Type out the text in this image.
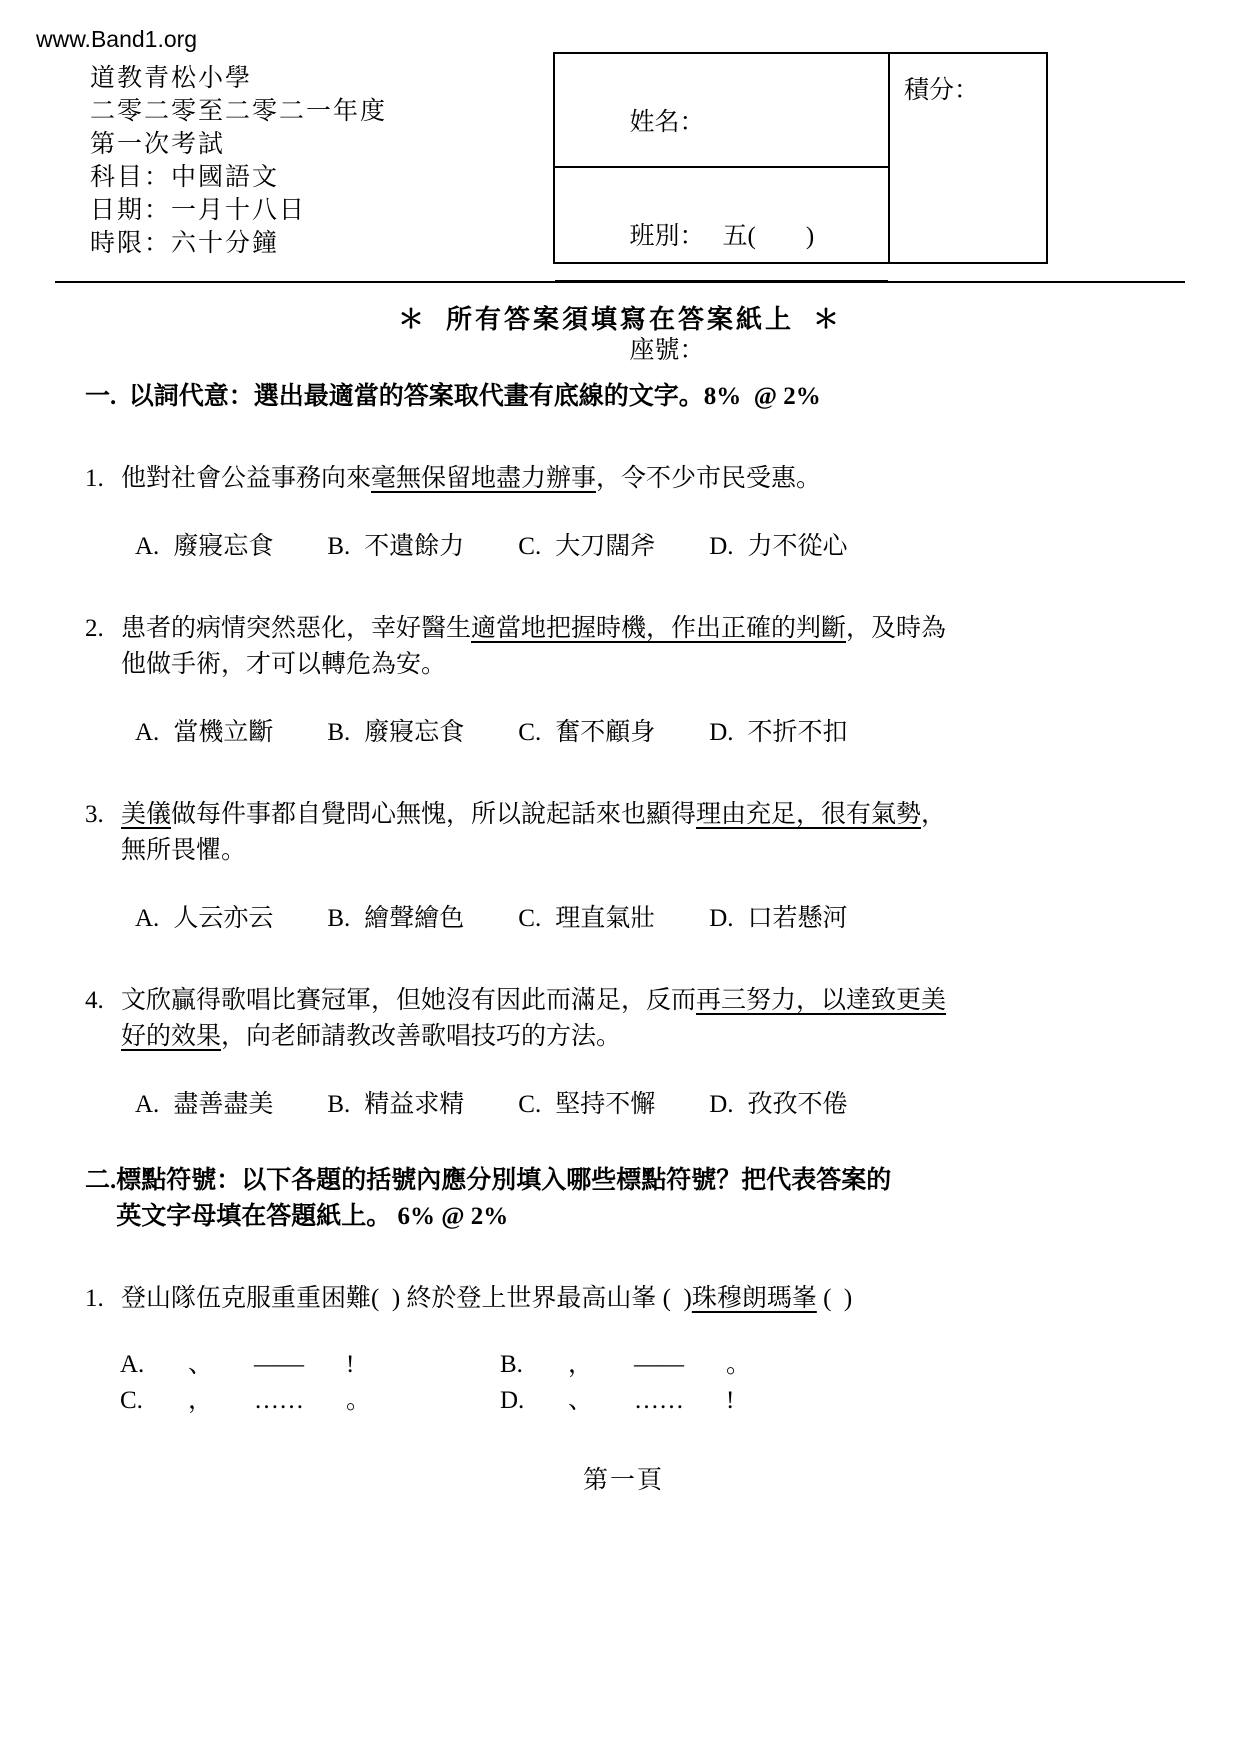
www.Band1.org
道教青松小學
二零二零至二零二一年度
第一次考試
科目：中國語文
日期：一月十八日
時限：六十分鐘

姓名：

班別： 五(        )

座號：

積分：
＊  所有答案須填寫在答案紙上  ＊
一. 以詞代意：選出最適當的答案取代畫有底線的文字。8%  @ 2%
1. 他對社會公益事務向來毫無保留地盡力辦事，令不少市民受惠。
A. 廢寢忘食 B. 不遺餘力 C. 大刀闊斧 D. 力不從心
2. 患者的病情突然惡化，幸好醫生適當地把握時機，作出正確的判斷，及時為
他做手術，才可以轉危為安。
A. 當機立斷 B. 廢寢忘食 C. 奮不顧身 D. 不折不扣
3. 美儀做每件事都自覺問心無愧，所以說起話來也顯得理由充足，很有氣勢，
無所畏懼。
A. 人云亦云 B. 繪聲繪色 C. 理直氣壯 D. 口若懸河
4. 文欣贏得歌唱比賽冠軍，但她沒有因此而滿足，反而再三努力，以達致更美
好的效果，向老師請教改善歌唱技巧的方法。
A. 盡善盡美 B. 精益求精 C. 堅持不懈 D. 孜孜不倦
二. 標點符號：以下各題的括號內應分別填入哪些標點符號？把代表答案的
英文字母填在答題紙上。 6% @ 2%
1. 登山隊伍克服重重困難(  ) 終於登上世界最高山峯 (  )珠穆朗瑪峯 (  )
A.	、	——	!	B.	，	——	。
C.	，	……	。	D.	、	……	!
第一頁
